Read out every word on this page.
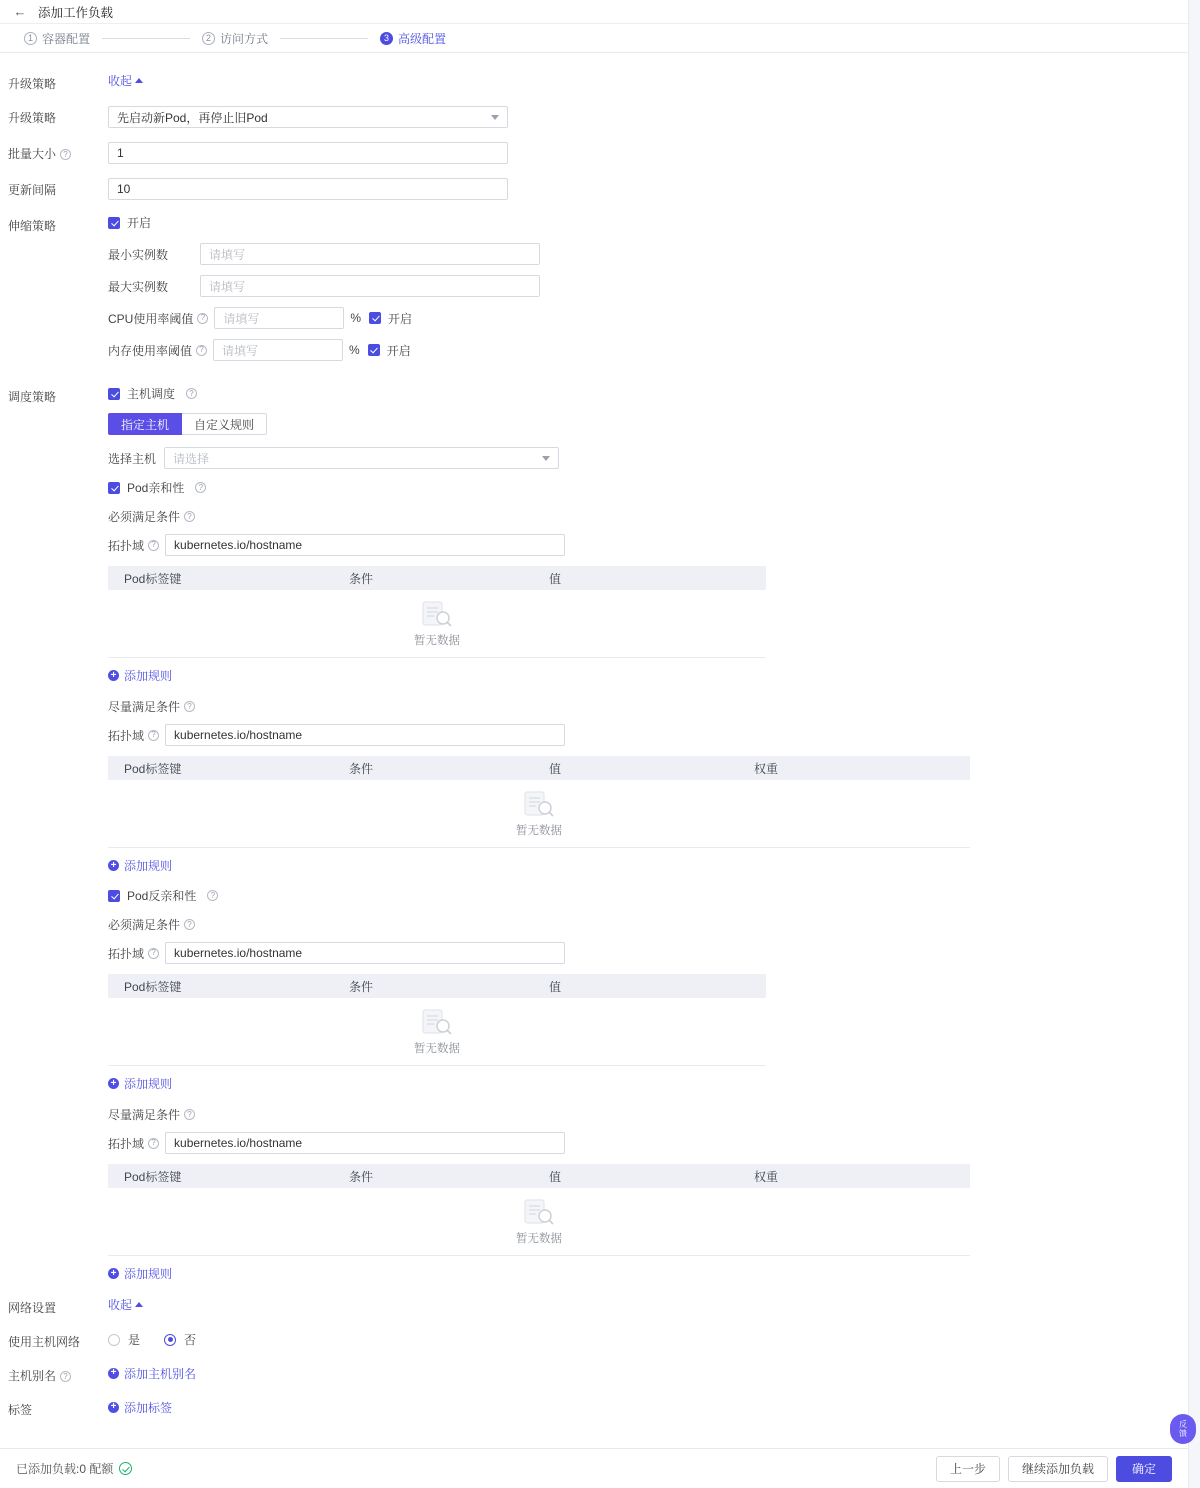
← 添加工作负载
1 容器配置	2 访问方式	3 高级配置
升级策略	收起
升级策略	先启动新Pod，再停止旧Pod
批量大小 ?	1
更新间隔	10
伸缩策略	开启
最小实例数	请填写
最大实例数	请填写
CPU使用率阈值 ? 请填写	% 开启
内存使用率阈值 ? 请填写	% 开启
调度策略	主机调度	?
指定主机	自定义规则
选择主机	请选择
Pod亲和性	?
必须满足条件 ?
拓扑域 ? kubernetes.io/hostname
Pod标签键	条件	值
暂无数据
+ 添加规则
尽量满足条件 ?
拓扑域 ? kubernetes.io/hostname
Pod标签键	条件	值	权重
暂无数据
+ 添加规则
Pod反亲和性	?
必须满足条件 ?
拓扑域 ? kubernetes.io/hostname
Pod标签键	条件	值
暂无数据
+ 添加规则
尽量满足条件 ?
拓扑域 ? kubernetes.io/hostname
Pod标签键	条件	值	权重
暂无数据
+ 添加规则
网络设置	收起
使用主机网络	是	否
主机别名 ?	+ 添加主机别名
标签	+ 添加标签
反馈
已添加负载:0 配额	上一步	继续添加负载	确定
